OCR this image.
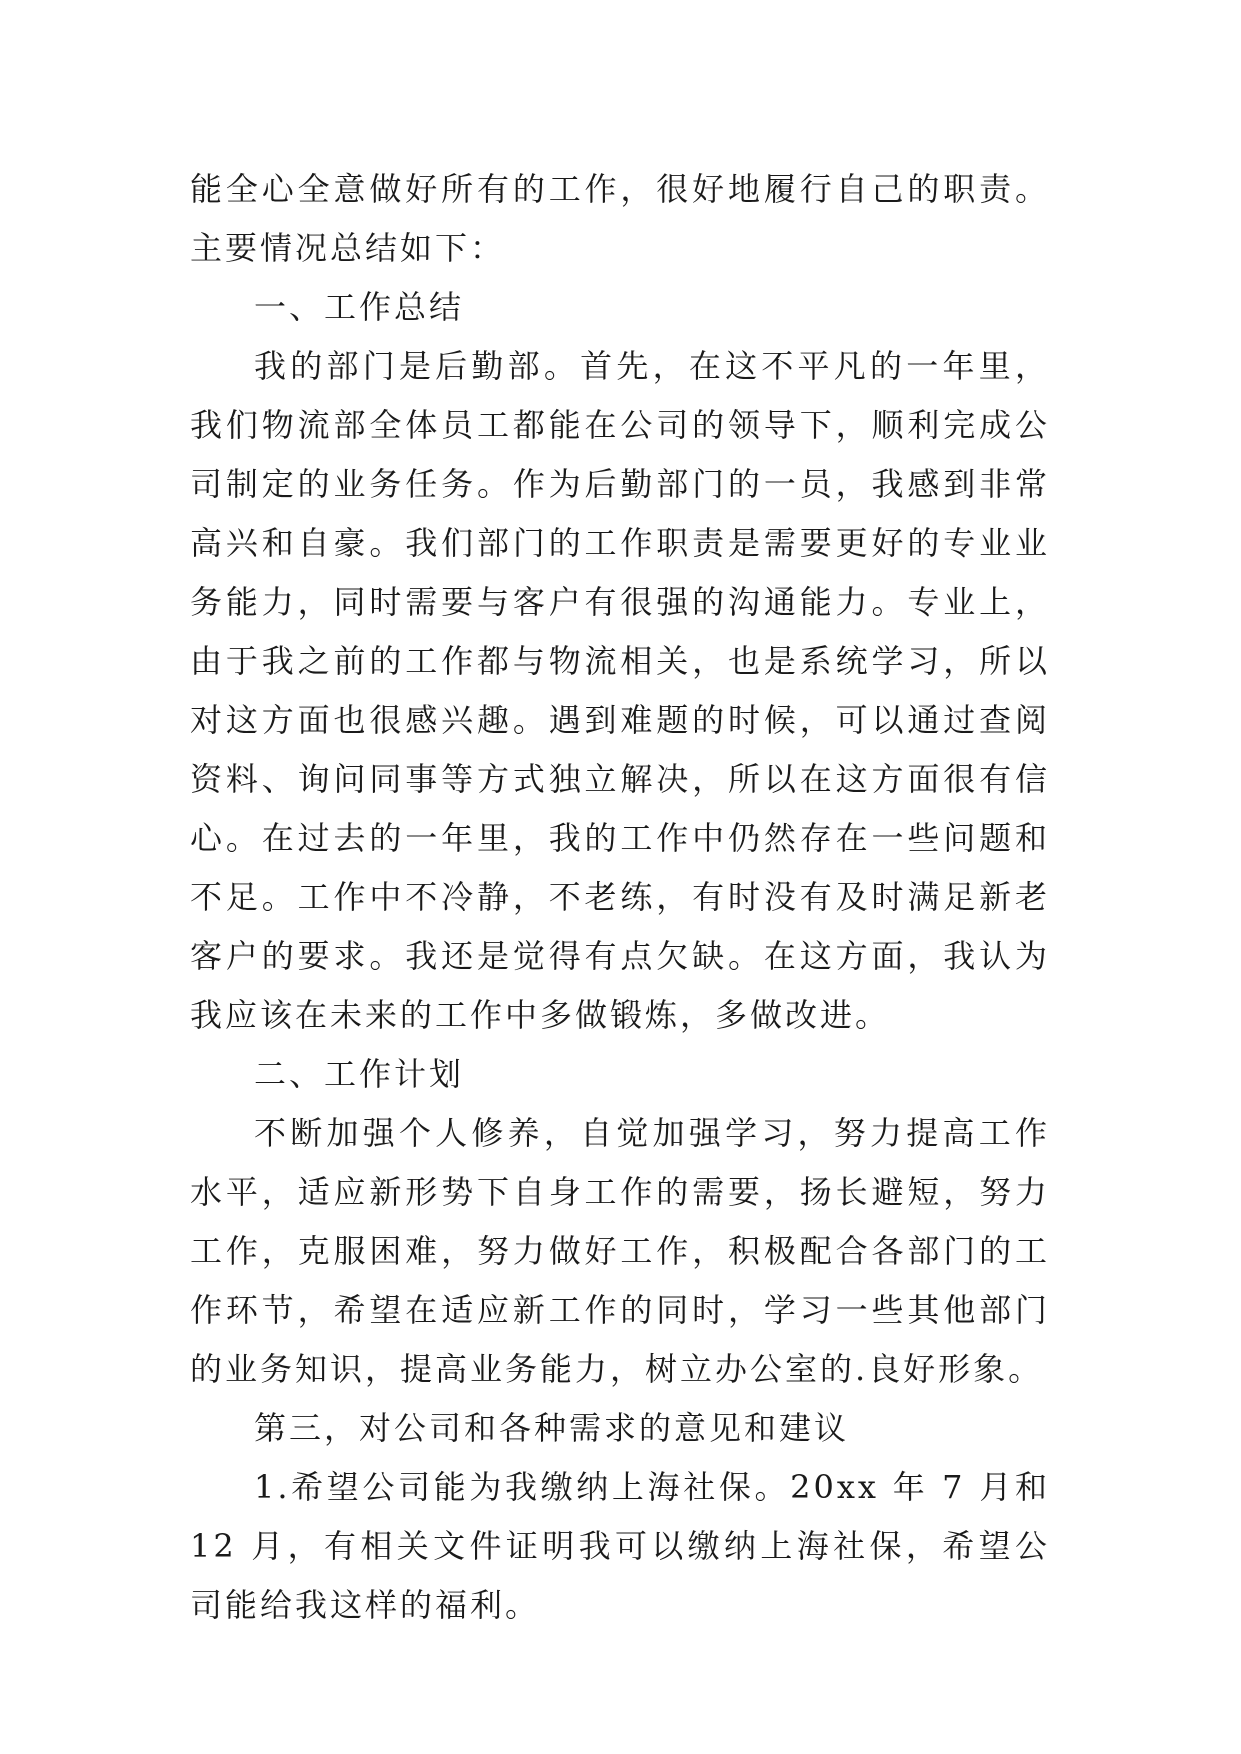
能全心全意做好所有的工作，很好地履行自己的职责。主要情况总结如下：

一、工作总结

我的部门是后勤部。首先，在这不平凡的一年里，我们物流部全体员工都能在公司的领导下，顺利完成公司制定的业务任务。作为后勤部门的一员，我感到非常高兴和自豪。我们部门的工作职责是需要更好的专业业务能力，同时需要与客户有很强的沟通能力。专业上，由于我之前的工作都与物流相关，也是系统学习，所以对这方面也很感兴趣。遇到难题的时候，可以通过查阅资料、询问同事等方式独立解决，所以在这方面很有信心。在过去的一年里，我的工作中仍然存在一些问题和不足。工作中不冷静，不老练，有时没有及时满足新老客户的要求。我还是觉得有点欠缺。在这方面，我认为我应该在未来的工作中多做锻炼，多做改进。

二、工作计划

不断加强个人修养，自觉加强学习，努力提高工作水平，适应新形势下自身工作的需要，扬长避短，努力工作，克服困难，努力做好工作，积极配合各部门的工作环节，希望在适应新工作的同时，学习一些其他部门的业务知识，提高业务能力，树立办公室的.良好形象。

第三，对公司和各种需求的意见和建议

1.希望公司能为我缴纳上海社保。20xx 年 7 月和 12 月，有相关文件证明我可以缴纳上海社保，希望公司能给我这样的福利。
